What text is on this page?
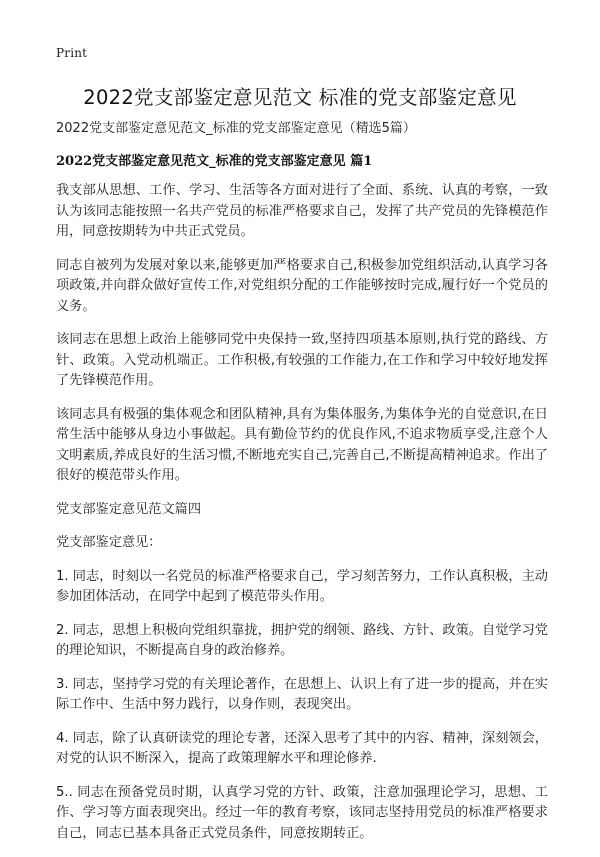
Print
2022党支部鉴定意见范文 标准的党支部鉴定意见

2022党支部鉴定意见范文_标准的党支部鉴定意见（精选5篇）

2022党支部鉴定意见范文_标准的党支部鉴定意见 篇1

我支部从思想、工作、学习、生活等各方面对进行了全面、系统、认真的考察，一致认为该同志能按照一名共产党员的标准严格要求自己，发挥了共产党员的先锋模范作用，同意按期转为中共正式党员。

同志自被列为发展对象以来,能够更加严格要求自己,积极参加党组织活动,认真学习各项政策,并向群众做好宣传工作,对党组织分配的工作能够按时完成,履行好一个党员的义务。

该同志在思想上政治上能够同党中央保持一致,坚持四项基本原则,执行党的路线、方针、政策。入党动机端正。工作积极,有较强的工作能力,在工作和学习中较好地发挥了先锋模范作用。

该同志具有极强的集体观念和团队精神,具有为集体服务,为集体争光的自觉意识,在日常生活中能够从身边小事做起。具有勤俭节约的优良作风,不追求物质享受,注意个人文明素质,养成良好的生活习惯,不断地充实自己,完善自己,不断提高精神追求。作出了很好的模范带头作用。

党支部鉴定意见范文篇四

党支部鉴定意见：

1. 同志，时刻以一名党员的标准严格要求自己，学习刻苦努力，工作认真积极，主动参加团体活动，在同学中起到了模范带头作用。

2. 同志，思想上积极向党组织靠拢，拥护党的纲领、路线、方针、政策。自觉学习党的理论知识，不断提高自身的政治修养。

3. 同志，坚持学习党的有关理论著作，在思想上、认识上有了进一步的提高，并在实际工作中、生活中努力践行，以身作则，表现突出。

4. 同志，除了认真研读党的理论专著，还深入思考了其中的内容、精神，深刻领会，对党的认识不断深入，提高了政策理解水平和理论修养.

5.. 同志在预备党员时期，认真学习党的方针、政策，注意加强理论学习，思想、工作、学习等方面表现突出。经过一年的教育考察，该同志坚持用党员的标准严格要求自己，同志已基本具备正式党员条件，同意按期转正。
